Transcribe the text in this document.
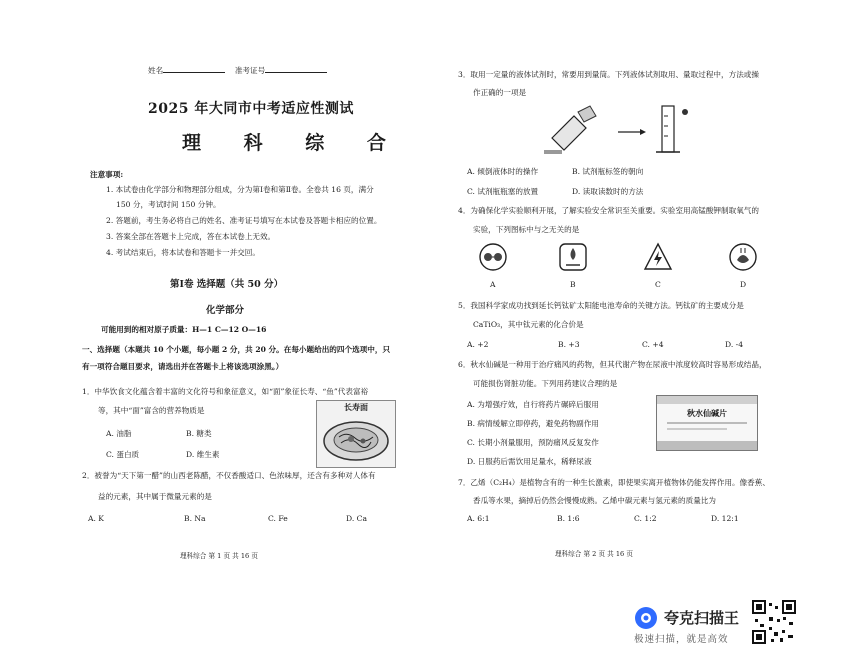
姓名	准考证号
2025 年大同市中考适应性测试
理 科 综 合
注意事项:
1. 本试卷由化学部分和物理部分组成，分为第Ⅰ卷和第Ⅱ卷。全卷共 16 页，满分
150 分，考试时间 150 分钟。
2. 答题前，考生务必将自己的姓名、准考证号填写在本试卷及答题卡相应的位置。
3. 答案全部在答题卡上完成，答在本试卷上无效。
4. 考试结束后，将本试卷和答题卡一并交回。
第Ⅰ卷 选择题（共 50 分）
化学部分
可能用到的相对原子质量：H—1 C—12 O—16
一、选择题（本题共 10 个小题，每小题 2 分，共 20 分。在每小题给出的四个选项中，只
有一项符合题目要求，请选出并在答题卡上将该选项涂黑。）
1．中华饮食文化蕴含着丰富的文化符号和象征意义，如“面”象征长寿、“鱼”代表富裕
等，其中“面”富含的营养物质是
A. 油脂	B. 糖类
C. 蛋白质	D. 维生素
长寿面
2．被誉为“天下第一醋”的山西老陈醋，不仅香酸适口、色浓味厚，还含有多种对人体有
益的元素，其中属于微量元素的是
A. K	B. Na	C. Fe	D. Ca
理科综合 第 1 页 共 16 页
3．取用一定量的液体试剂时，常要用到量筒。下列液体试剂取用、量取过程中，方法或操
作正确的一项是
A. 倾倒液体时的操作	B. 试剂瓶标签的朝向
C. 试剂瓶瓶塞的放置	D. 读取读数时的方法
4．为确保化学实验顺利开展，了解实验安全常识至关重要。实验室用高锰酸钾制取氧气的
实验，下列图标中与之无关的是
A	B	C	D
5．我国科学家成功找到延长钙钛矿太阳能电池寿命的关键方法。钙钛矿的主要成分是
CaTiO₃，其中钛元素的化合价是
A. +2	B. +3	C. +4	D. -4
6．秋水仙碱是一种用于治疗痛风的药物，但其代谢产物在尿液中浓度较高时容易形成结晶，
可能损伤肾脏功能。下列用药建议合理的是
A. 为增强疗效，自行将药片碾碎后服用
B. 病情缓解立即停药，避免药物副作用
C. 长期小剂量服用，预防痛风反复发作
D. 日服药后需饮用足量水，稀释尿液
秋水仙碱片
7．乙烯（C₂H₄）是植物含有的一种生长激素，即使果实离开植物体仍能发挥作用。像香蕉、
香瓜等水果，摘掉后仍然会慢慢成熟。乙烯中碳元素与氢元素的质量比为
A. 6:1	B. 1:6	C. 1:2	D. 12:1
理科综合 第 2 页 共 16 页
夸克扫描王
极速扫描，就是高效
